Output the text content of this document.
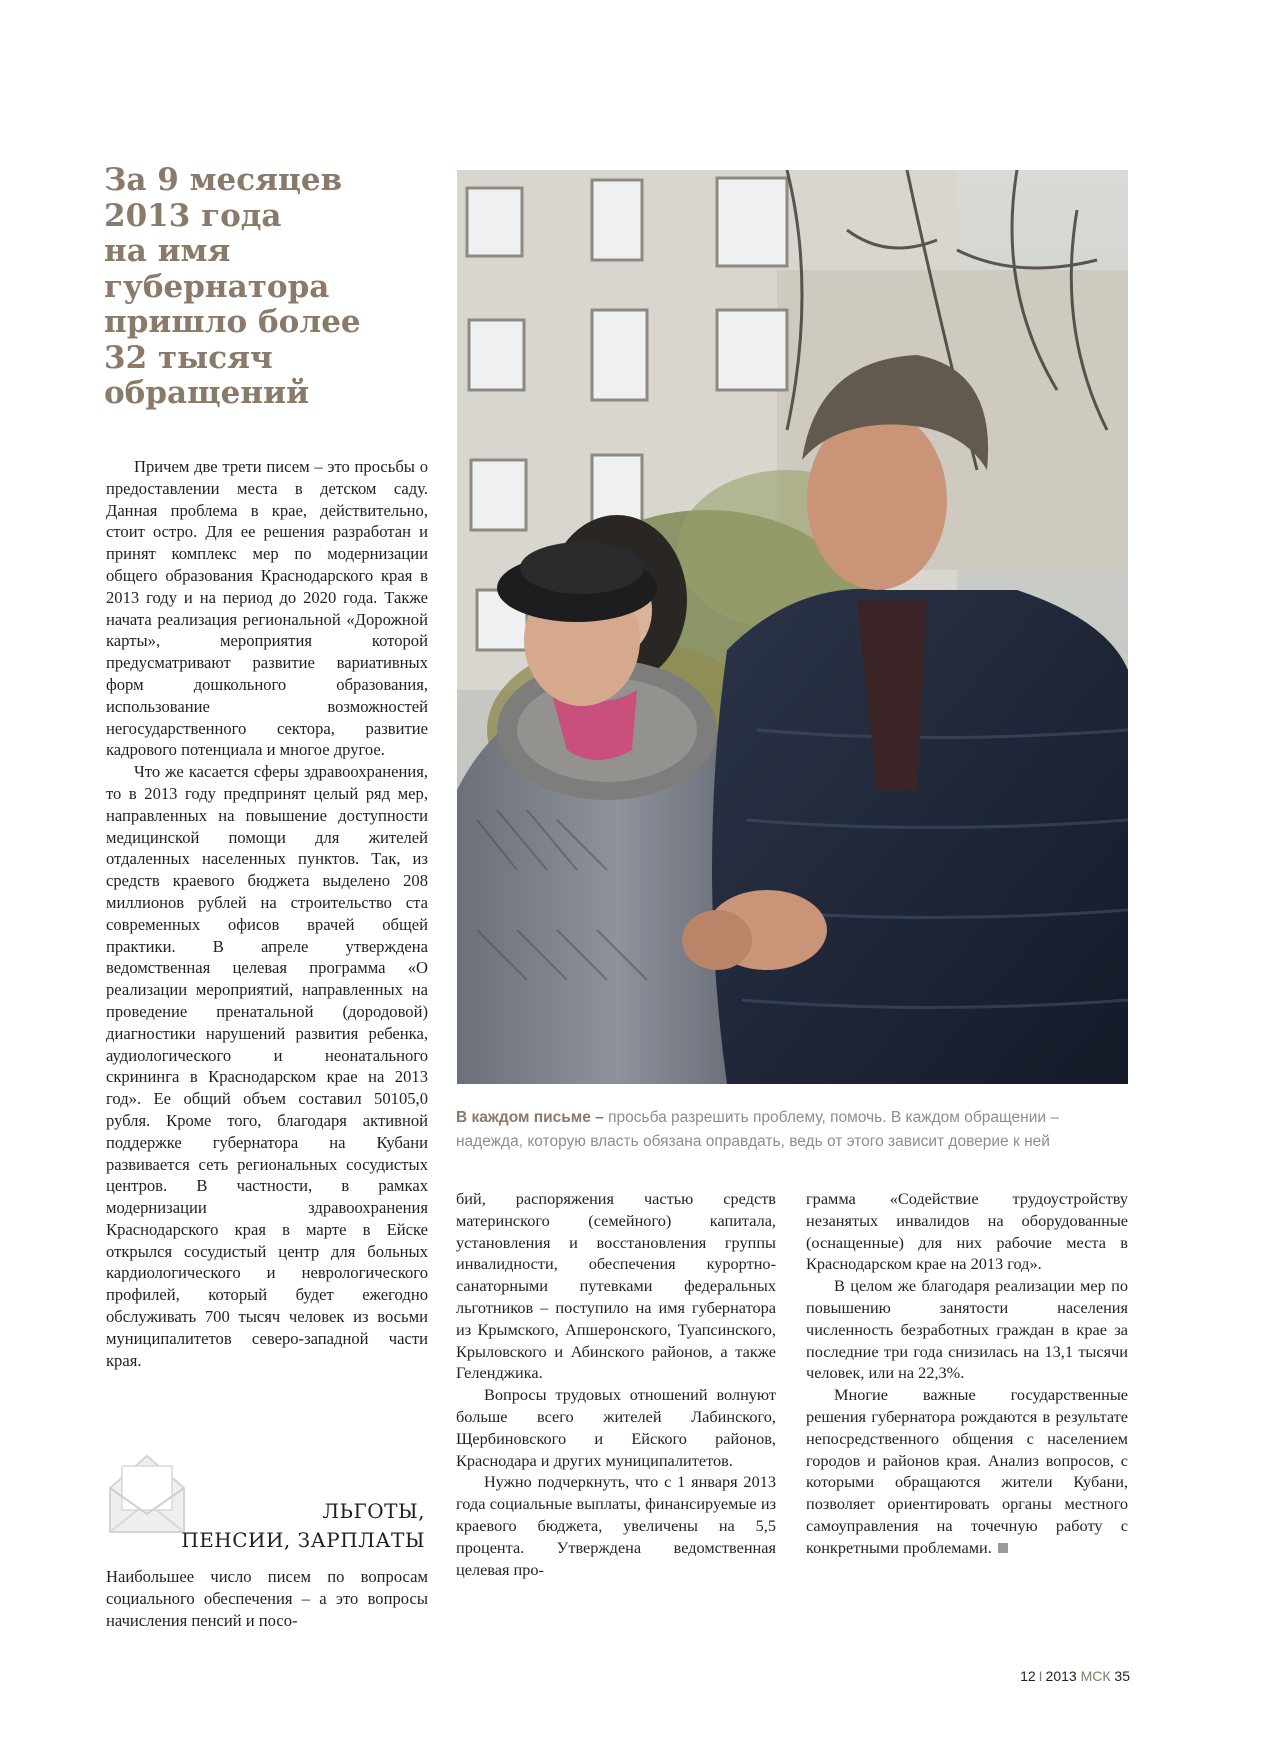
За 9 месяцев
2013 года
на имя
губернатора
пришло более
32 тысяч
обращений
В каждом письме – просьба разрешить проблему, помочь. В каждом обращении – надежда, которую власть обязана оправдать, ведь от этого зависит доверие к ней

Причем две трети писем – это просьбы о предоставлении места в детском саду. Данная проблема в крае, действительно, стоит остро. Для ее решения разработан и принят комплекс мер по модернизации общего образования Краснодарского края в 2013 году и на период до 2020 года. Также начата реализация региональной «Дорожной карты», мероприятия которой предусматривают развитие вариативных форм дошкольного образования, использование возможностей негосударственного сектора, развитие кадрового потенциала и многое другое.

Что же касается сферы здравоохранения, то в 2013 году предпринят целый ряд мер, направленных на повышение доступности медицинской помощи для жителей отдаленных населенных пунктов. Так, из средств краевого бюджета выделено 208 миллионов рублей на строительство ста современных офисов врачей общей практики. В апреле утверждена ведомственная целевая программа «О реализации мероприятий, направленных на проведение пренатальной (дородовой) диагностики нарушений развития ребенка, аудиологического и неонатального скрининга в Краснодарском крае на 2013 год». Ее общий объем составил 50105,0 рубля. Кроме того, благодаря активной поддержке губернатора на Кубани развивается сеть региональных сосудистых центров. В частности, в рамках модернизации здравоохранения Краснодарского края в марте в Ейске открылся сосудистый центр для больных кардиологического и неврологического профилей, который будет ежегодно обслуживать 700 тысяч человек из восьми муниципалитетов северо-западной части края.

ЛЬГОТЫ,
ПЕНСИИ, ЗАРПЛАТЫ

Наибольшее число писем по вопросам социального обеспечения – а это вопросы начисления пенсий и посо-

бий, распоряжения частью средств материнского (семейного) капитала, установления и восстановления группы инвалидности, обеспечения курортно-санаторными путевками федеральных льготников – поступило на имя губернатора из Крымского, Апшеронского, Туапсинского, Крыловского и Абинского районов, а также Геленджика.

Вопросы трудовых отношений волнуют больше всего жителей Лабинского, Щербиновского и Ейского районов, Краснодара и других муниципалитетов.

Нужно подчеркнуть, что с 1 января 2013 года социальные выплаты, финансируемые из краевого бюджета, увеличены на 5,5 процента. Утверждена ведомственная целевая про-

грамма «Содействие трудоустройству незанятых инвалидов на оборудованные (оснащенные) для них рабочие места в Краснодарском крае на 2013 год».

В целом же благодаря реализации мер по повышению занятости населения численность безработных граждан в крае за последние три года снизилась на 13,1 тысячи человек, или на 22,3%.

Многие важные государственные решения губернатора рождаются в результате непосредственного общения с населением городов и районов края. Анализ вопросов, с которыми обращаются жители Кубани, позволяет ориентировать органы местного самоуправления на точечную работу с конкретными проблемами.

12 I 2013 МСК 35
